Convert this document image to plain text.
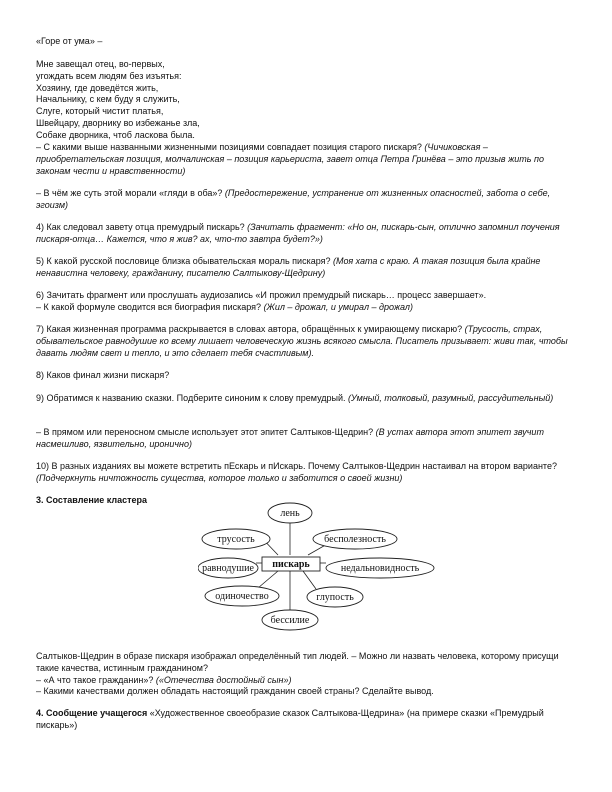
«Горе от ума» –

Мне завещал отец, во-первых,
угождать всем людям без изъятья:
Хозяину, где доведётся жить,
Начальнику, с кем буду я служить,
Слуге, который чистит платья,
Швейцару, дворнику во избежанье зла,
Собаке дворника, чтоб ласкова была.

– С какими выше названными жизненными позициями совпадает позиция старого пискаря? (Чичиковская – приобретательская позиция, молчалинская – позиция карьериста, завет отца Петра Гринёва – это призыв жить по законам чести и нравственности)

– В чём же суть этой морали «гляди в оба»? (Предостережение, устранение от жизненных опасностей, забота о себе, эгоизм)

4) Как следовал завету отца премудрый пискарь? (Зачитать фрагмент: «Но он, пискарь-сын, отлично запомнил поучения пискаря-отца… Кажется, что я жив? ах, что-то завтра будет?»)

5) К какой русской пословице близка обывательская мораль пискаря? (Моя хата с краю. А такая позиция была крайне ненавистна человеку, гражданину, писателю Салтыкову-Щедрину)

6) Зачитать фрагмент или прослушать аудиозапись «И прожил премудрый пискарь… процесс завершает».
– К какой формуле сводится вся биография пискаря? (Жил – дрожал, и умирал – дрожал)

7) Какая жизненная программа раскрывается в словах автора, обращённых к умирающему пискарю? (Трусость, страх, обывательское равнодушие ко всему лишает человеческую жизнь всякого смысла. Писатель призывает: живи так, чтобы давать людям свет и тепло, и это сделает тебя счастливым).

8) Каков финал жизни пискаря?

9) Обратимся к названию сказки. Подберите синоним к слову премудрый. (Умный, толковый, разумный, рассудительный)

– В прямом или переносном смысле использует этот эпитет Салтыков-Щедрин? (В устах автора этот эпитет звучит насмешливо, язвительно, иронично)

10) В разных изданиях вы можете встретить пЕскарь и пИскарь. Почему Салтыков-Щедрин настаивал на втором варианте? (Подчеркнуть ничтожность существа, которое только и заботится о своей жизни)

3. Составление кластера

лень
трусость	бесполезность
равнодушие	недальновидность
одиночество	глупость
бессилие
пискарь

Салтыков-Щедрин в образе пискаря изображал определённый тип людей. – Можно ли назвать человека, которому присущи такие качества, истинным гражданином?
– «А что такое гражданин»? («Отечества достойный сын»)
– Какими качествами должен обладать настоящий гражданин своей страны? Сделайте вывод.

4. Сообщение учащегося «Художественное своеобразие сказок Салтыкова-Щедрина» (на примере сказки «Премудрый пискарь»)
